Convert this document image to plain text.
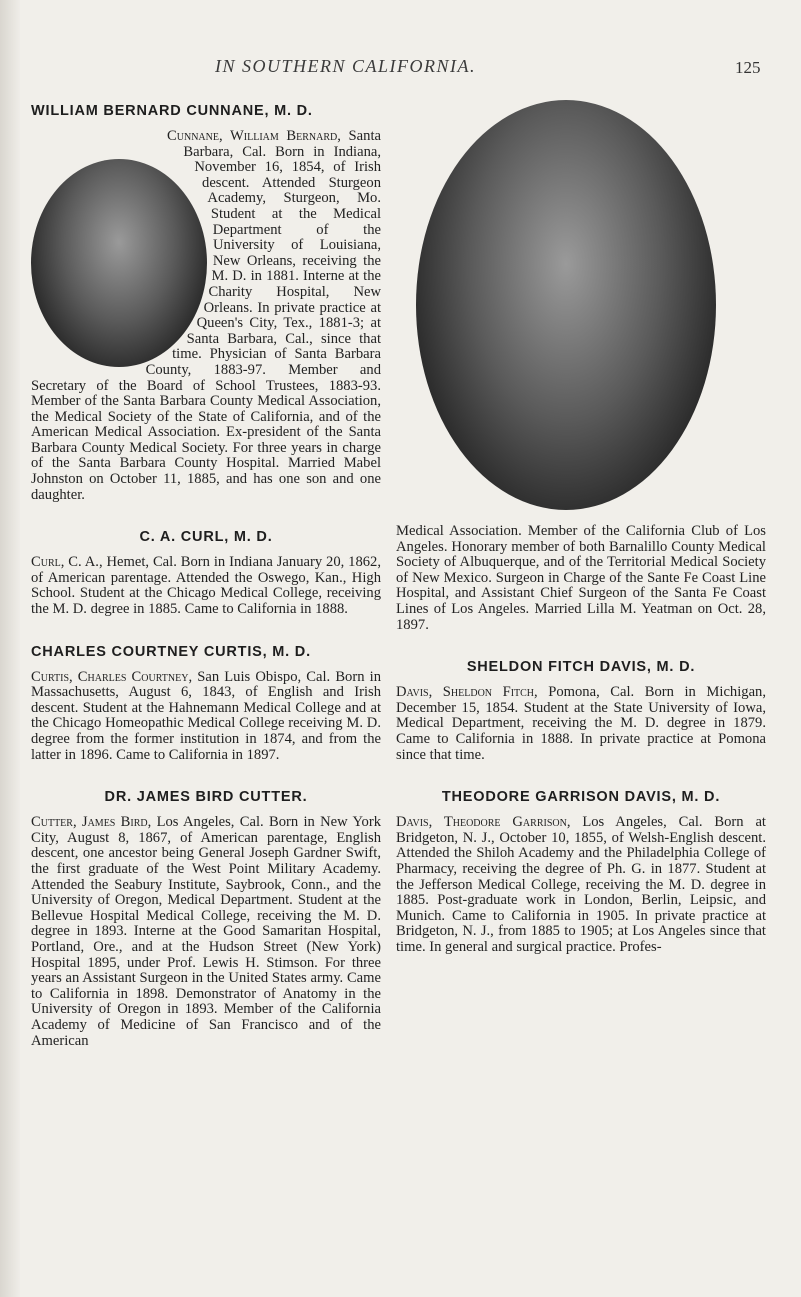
IN SOUTHERN CALIFORNIA.	125
WILLIAM BERNARD CUNNANE, M. D.

Cunnane, William Bernard, Santa Barbara, Cal. Born in Indiana, November 16, 1854, of Irish descent. Attended Sturgeon Academy, Sturgeon, Mo. Student at the Medical Department of the University of Louisiana, New Orleans, receiving the M. D. in 1881. Interne at the Charity Hospital, New Orleans. In private practice at Queen's City, Tex., 1881-3; at Santa Barbara, Cal., since that time. Physician of Santa Barbara County, 1883-97. Member and Secretary of the Board of School Trustees, 1883-93. Member of the Santa Barbara County Medical Association, the Medical Society of the State of California, and of the American Medical Association. Ex-president of the Santa Barbara County Medical Society. For three years in charge of the Santa Barbara County Hospital. Married Mabel Johnston on October 11, 1885, and has one son and one daughter.

C. A. CURL, M. D.

Curl, C. A., Hemet, Cal. Born in Indiana January 20, 1862, of American parentage. Attended the Oswego, Kan., High School. Student at the Chicago Medical College, receiving the M. D. degree in 1885. Came to California in 1888.

CHARLES COURTNEY CURTIS, M. D.

Curtis, Charles Courtney, San Luis Obispo, Cal. Born in Massachusetts, August 6, 1843, of English and Irish descent. Student at the Hahnemann Medical College and at the Chicago Homeopathic Medical College receiving M. D. degree from the former institution in 1874, and from the latter in 1896. Came to California in 1897.

DR. JAMES BIRD CUTTER.

Cutter, James Bird, Los Angeles, Cal. Born in New York City, August 8, 1867, of American parentage, English descent, one ancestor being General Joseph Gardner Swift, the first graduate of the West Point Military Academy. Attended the Seabury Institute, Saybrook, Conn., and the University of Oregon, Medical Department. Student at the Bellevue Hospital Medical College, receiving the M. D. degree in 1893. Interne at the Good Samaritan Hospital, Portland, Ore., and at the Hudson Street (New York) Hospital 1895, under Prof. Lewis H. Stimson. For three years an Assistant Surgeon in the United States army. Came to California in 1898. Demonstrator of Anatomy in the University of Oregon in 1893. Member of the California Academy of Medicine of San Francisco and of the American

Medical Association. Member of the California Club of Los Angeles. Honorary member of both Barnalillo County Medical Society of Albuquerque, and of the Territorial Medical Society of New Mexico. Surgeon in Charge of the Sante Fe Coast Line Hospital, and Assistant Chief Surgeon of the Santa Fe Coast Lines of Los Angeles. Married Lilla M. Yeatman on Oct. 28, 1897.

SHELDON FITCH DAVIS, M. D.

Davis, Sheldon Fitch, Pomona, Cal. Born in Michigan, December 15, 1854. Student at the State University of Iowa, Medical Department, receiving the M. D. degree in 1879. Came to California in 1888. In private practice at Pomona since that time.

THEODORE GARRISON DAVIS, M. D.

Davis, Theodore Garrison, Los Angeles, Cal. Born at Bridgeton, N. J., October 10, 1855, of Welsh-English descent. Attended the Shiloh Academy and the Philadelphia College of Pharmacy, receiving the degree of Ph. G. in 1877. Student at the Jefferson Medical College, receiving the M. D. degree in 1885. Post-graduate work in London, Berlin, Leipsic, and Munich. Came to California in 1905. In private practice at Bridgeton, N. J., from 1885 to 1905; at Los Angeles since that time. In general and surgical practice. Profes-
